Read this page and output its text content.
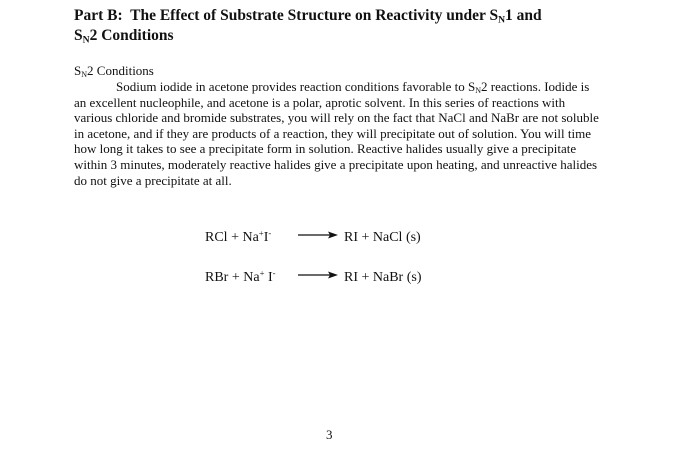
Part B: The Effect of Substrate Structure on Reactivity under $S_N1$ and
$S_N2$ Conditions
$S_N2$ Conditions

Sodium iodide in acetone provides reaction conditions favorable to $S_N2$ reactions. Iodide is an excellent nucleophile, and acetone is a polar, aprotic solvent. In this series of reactions with various chloride and bromide substrates, you will rely on the fact that NaCl and NaBr are not soluble in acetone, and if they are products of a reaction, they will precipitate out of solution. You will time how long it takes to see a precipitate form in solution. Reactive halides usually give a precipitate within 3 minutes, moderately reactive halides give a precipitate upon heating, and unreactive halides do not give a precipitate at all.

RCl + Na+I- → RI + NaCl (s)
RBr + Na+ I- → RI + NaBr (s)
3
